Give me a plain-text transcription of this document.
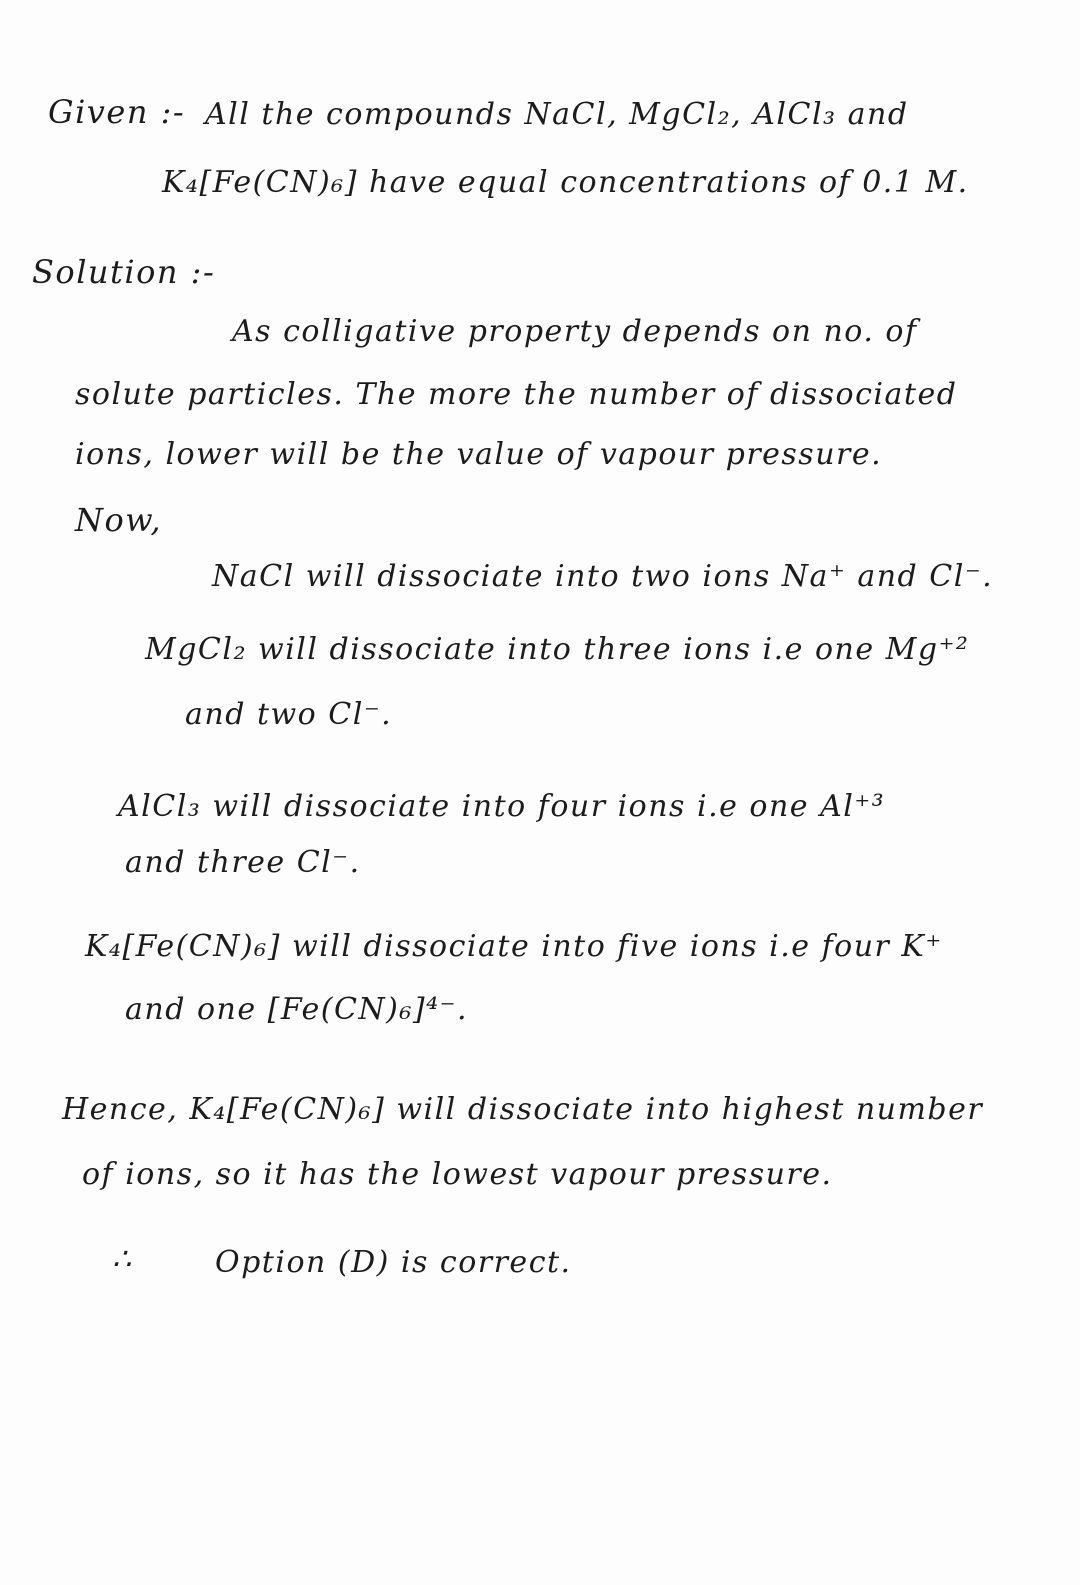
Given :- All the compounds NaCl, MgCl₂, AlCl₃ and
K₄[Fe(CN)₆] have equal concentrations of 0.1 M.
Solution :-
As colligative property depends on no. of
solute particles. The more the number of dissociated
ions, lower will be the value of vapour pressure.
Now,
NaCl will dissociate into two ions Na⁺ and Cl⁻.
MgCl₂ will dissociate into three ions i.e one Mg⁺²
and two Cl⁻.
AlCl₃ will dissociate into four ions i.e one Al⁺³
and three Cl⁻.
K₄[Fe(CN)₆] will dissociate into five ions i.e four K⁺
and one [Fe(CN)₆]⁴⁻.
Hence, K₄[Fe(CN)₆] will dissociate into highest number
of ions, so it has the lowest vapour pressure.
∴	Option (D) is correct.
